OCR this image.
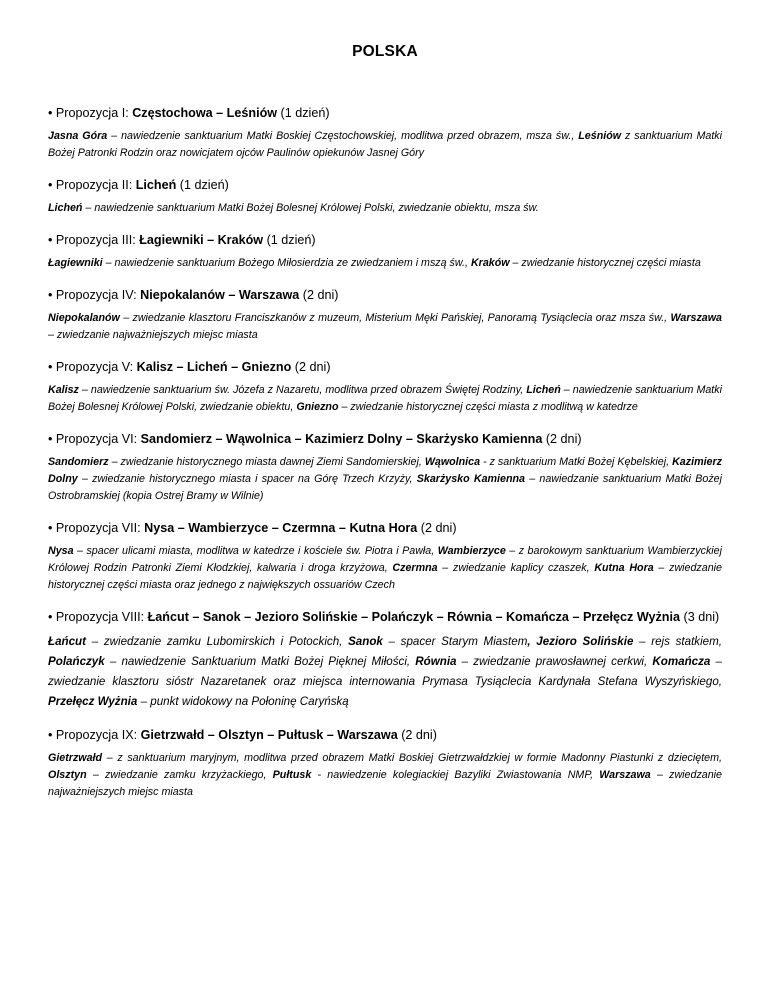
POLSKA

• Propozycja I: Częstochowa – Leśniów (1 dzień)

Jasna Góra – nawiedzenie sanktuarium Matki Boskiej Częstochowskiej, modlitwa przed obrazem, msza św., Leśniów z sanktuarium Matki Bożej Patronki Rodzin oraz nowicjatem ojców Paulinów opiekunów Jasnej Góry

• Propozycja II: Licheń (1 dzień)

Licheń – nawiedzenie sanktuarium Matki Bożej Bolesnej Królowej Polski, zwiedzanie obiektu, msza św.

• Propozycja III: Łagiewniki – Kraków (1 dzień)

Łagiewniki – nawiedzenie sanktuarium Bożego Miłosierdzia ze zwiedzaniem i mszą św., Kraków – zwiedzanie historycznej części miasta

• Propozycja IV: Niepokalanów – Warszawa (2 dni)

Niepokalanów – zwiedzanie klasztoru Franciszkanów z muzeum, Misterium Męki Pańskiej, Panoramą Tysiąclecia oraz msza św., Warszawa – zwiedzanie najważniejszych miejsc miasta

• Propozycja V: Kalisz – Licheń – Gniezno (2 dni)

Kalisz – nawiedzenie sanktuarium św. Józefa z Nazaretu, modlitwa przed obrazem Świętej Rodziny, Licheń – nawiedzenie sanktuarium Matki Bożej Bolesnej Królowej Polski, zwiedzanie obiektu, Gniezno – zwiedzanie historycznej części miasta z modlitwą w katedrze

• Propozycja VI: Sandomierz – Wąwolnica – Kazimierz Dolny – Skarżysko Kamienna (2 dni)

Sandomierz – zwiedzanie historycznego miasta dawnej Ziemi Sandomierskiej, Wąwolnica - z sanktuarium Matki Bożej Kębelskiej, Kazimierz Dolny – zwiedzanie historycznego miasta i spacer na Górę Trzech Krzyży, Skarżysko Kamienna – nawiedzanie sanktuarium Matki Bożej Ostrobramskiej (kopia Ostrej Bramy w Wilnie)

• Propozycja VII: Nysa – Wambierzyce – Czermna – Kutna Hora (2 dni)

Nysa – spacer ulicami miasta, modlitwa w katedrze i kościele św. Piotra i Pawła, Wambierzyce – z barokowym sanktuarium Wambierzyckiej Królowej Rodzin Patronki Ziemi Kłodzkiej, kalwaria i droga krzyżowa, Czermna – zwiedzanie kaplicy czaszek, Kutna Hora – zwiedzanie historycznej części miasta oraz jednego z największych ossuariów Czech

• Propozycja VIII: Łańcut – Sanok – Jezioro Solińskie – Polańczyk – Równia – Komańcza – Przełęcz Wyżnia (3 dni)

Łańcut – zwiedzanie zamku Lubomirskich i Potockich, Sanok – spacer Starym Miastem, Jezioro Solińskie – rejs statkiem, Polańczyk – nawiedzenie Sanktuarium Matki Bożej Pięknej Miłości, Równia – zwiedzanie prawosławnej cerkwi, Komańcza – zwiedzanie klasztoru sióstr Nazaretanek oraz miejsca internowania Prymasa Tysiąclecia Kardynała Stefana Wyszyńskiego, Przełęcz Wyżnia – punkt widokowy na Połoninę Caryńską

• Propozycja IX: Gietrzwałd – Olsztyn – Pułtusk – Warszawa (2 dni)

Gietrzwałd – z sanktuarium maryjnym, modlitwa przed obrazem Matki Boskiej Gietrzwałdzkiej w formie Madonny Piastunki z dzieciętem, Olsztyn – zwiedzanie zamku krzyżackiego, Pułtusk - nawiedzenie kolegiackiej Bazyliki Zwiastowania NMP, Warszawa – zwiedzanie najważniejszych miejsc miasta
